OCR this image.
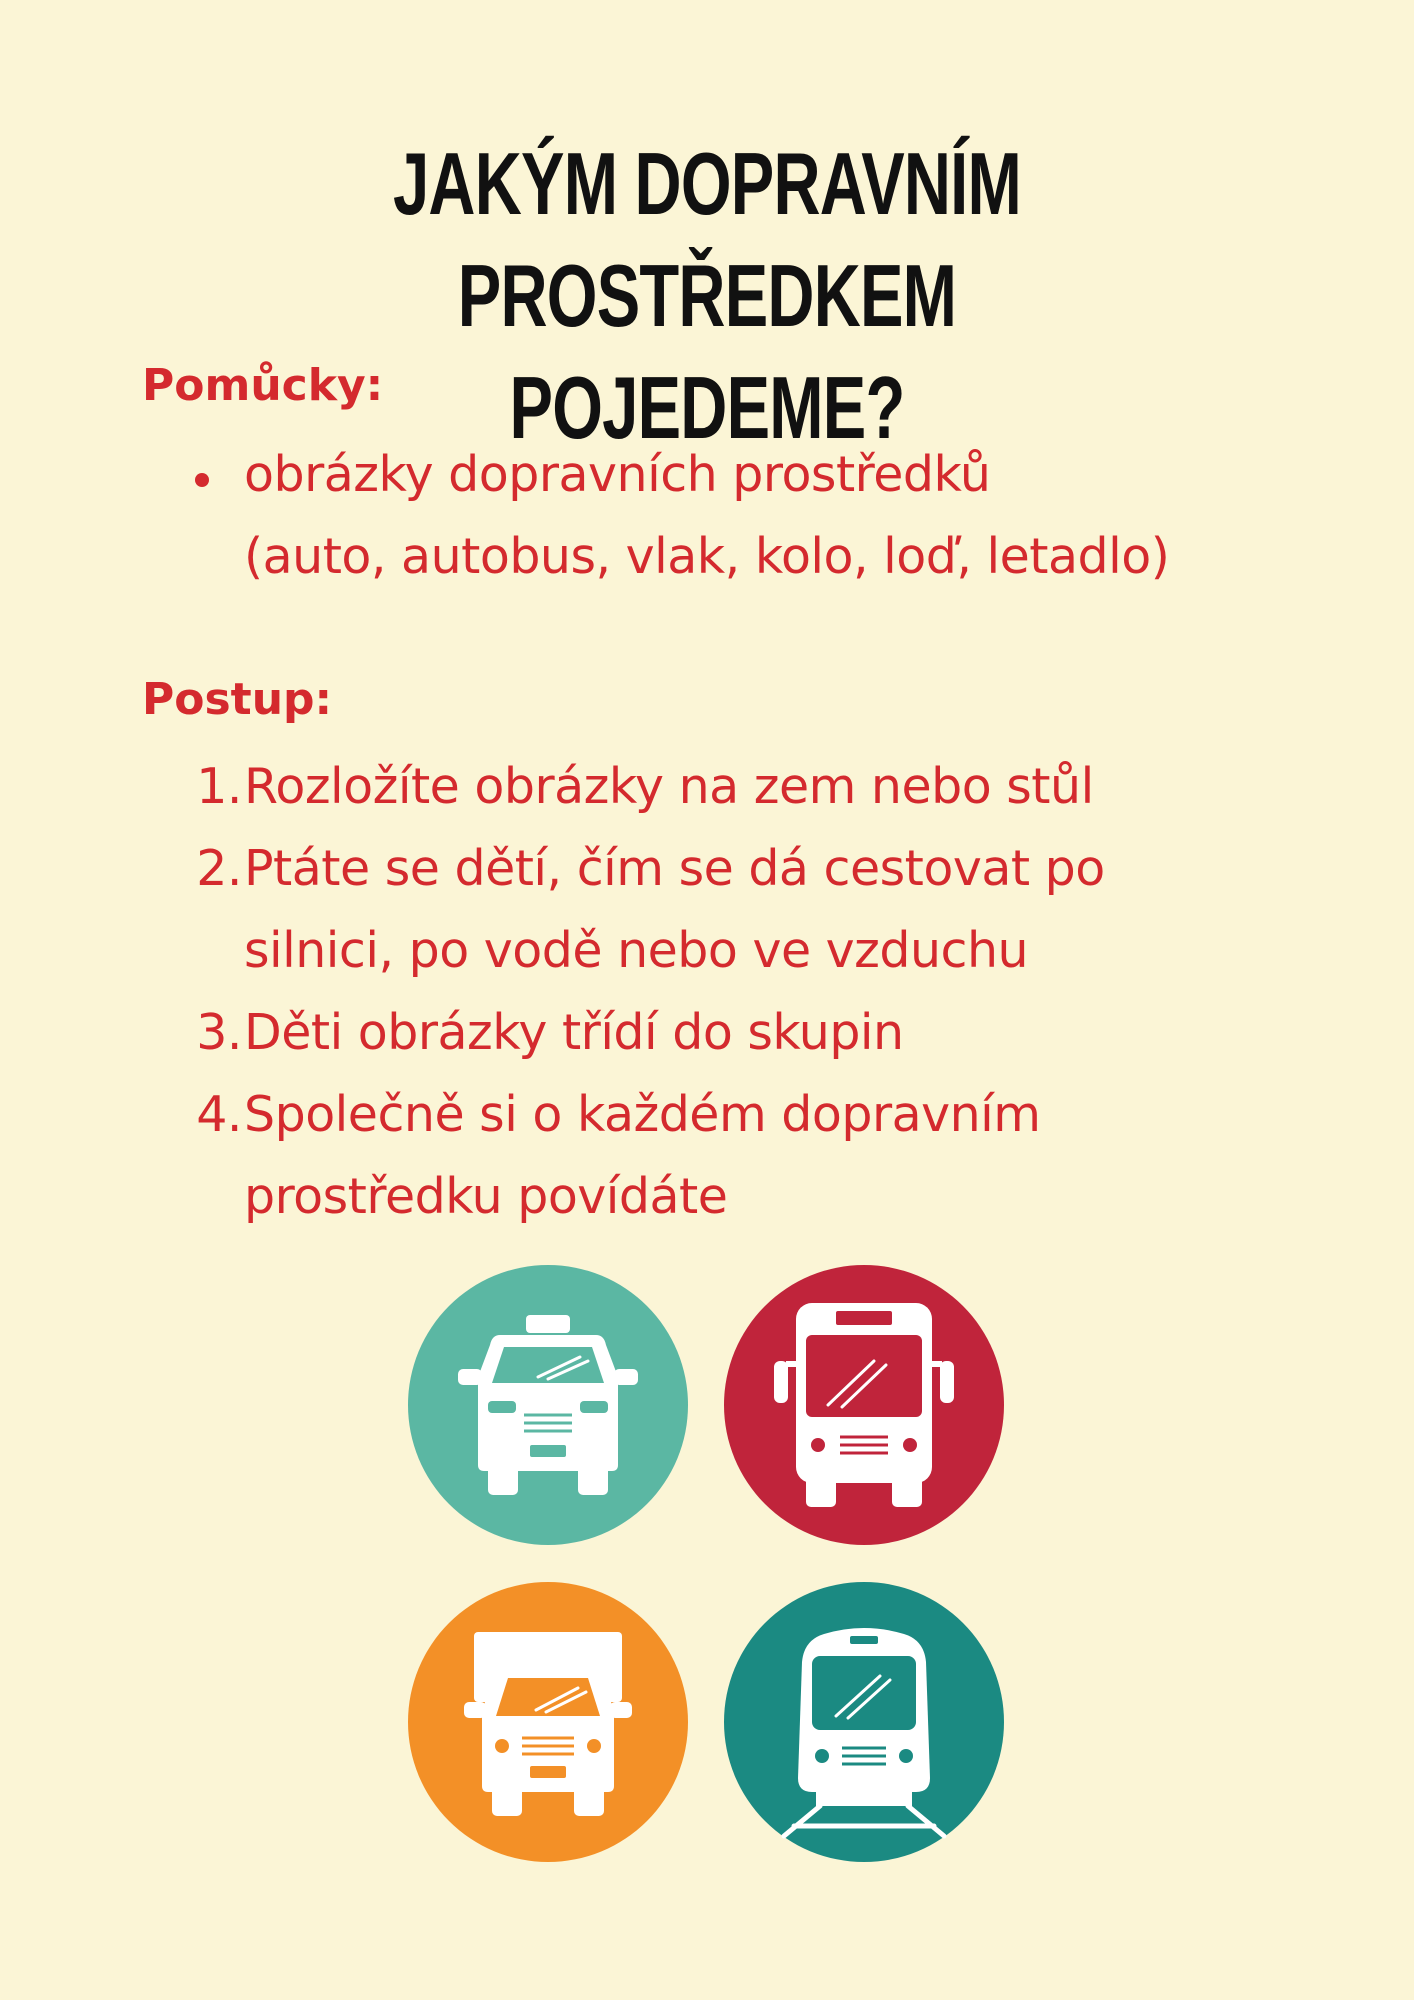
JAKÝM DOPRAVNÍM PROSTŘEDKEM
POJEDEME?
Pomůcky:
obrázky dopravních prostředků
(auto, autobus, vlak, kolo, loď, letadlo)
Postup:
1. Rozložíte obrázky na zem nebo stůl
2. Ptáte se dětí, čím se dá cestovat po
silnici, po vodě nebo ve vzduchu
3. Děti obrázky třídí do skupin
4. Společně si o každém dopravním
prostředku povídáte
